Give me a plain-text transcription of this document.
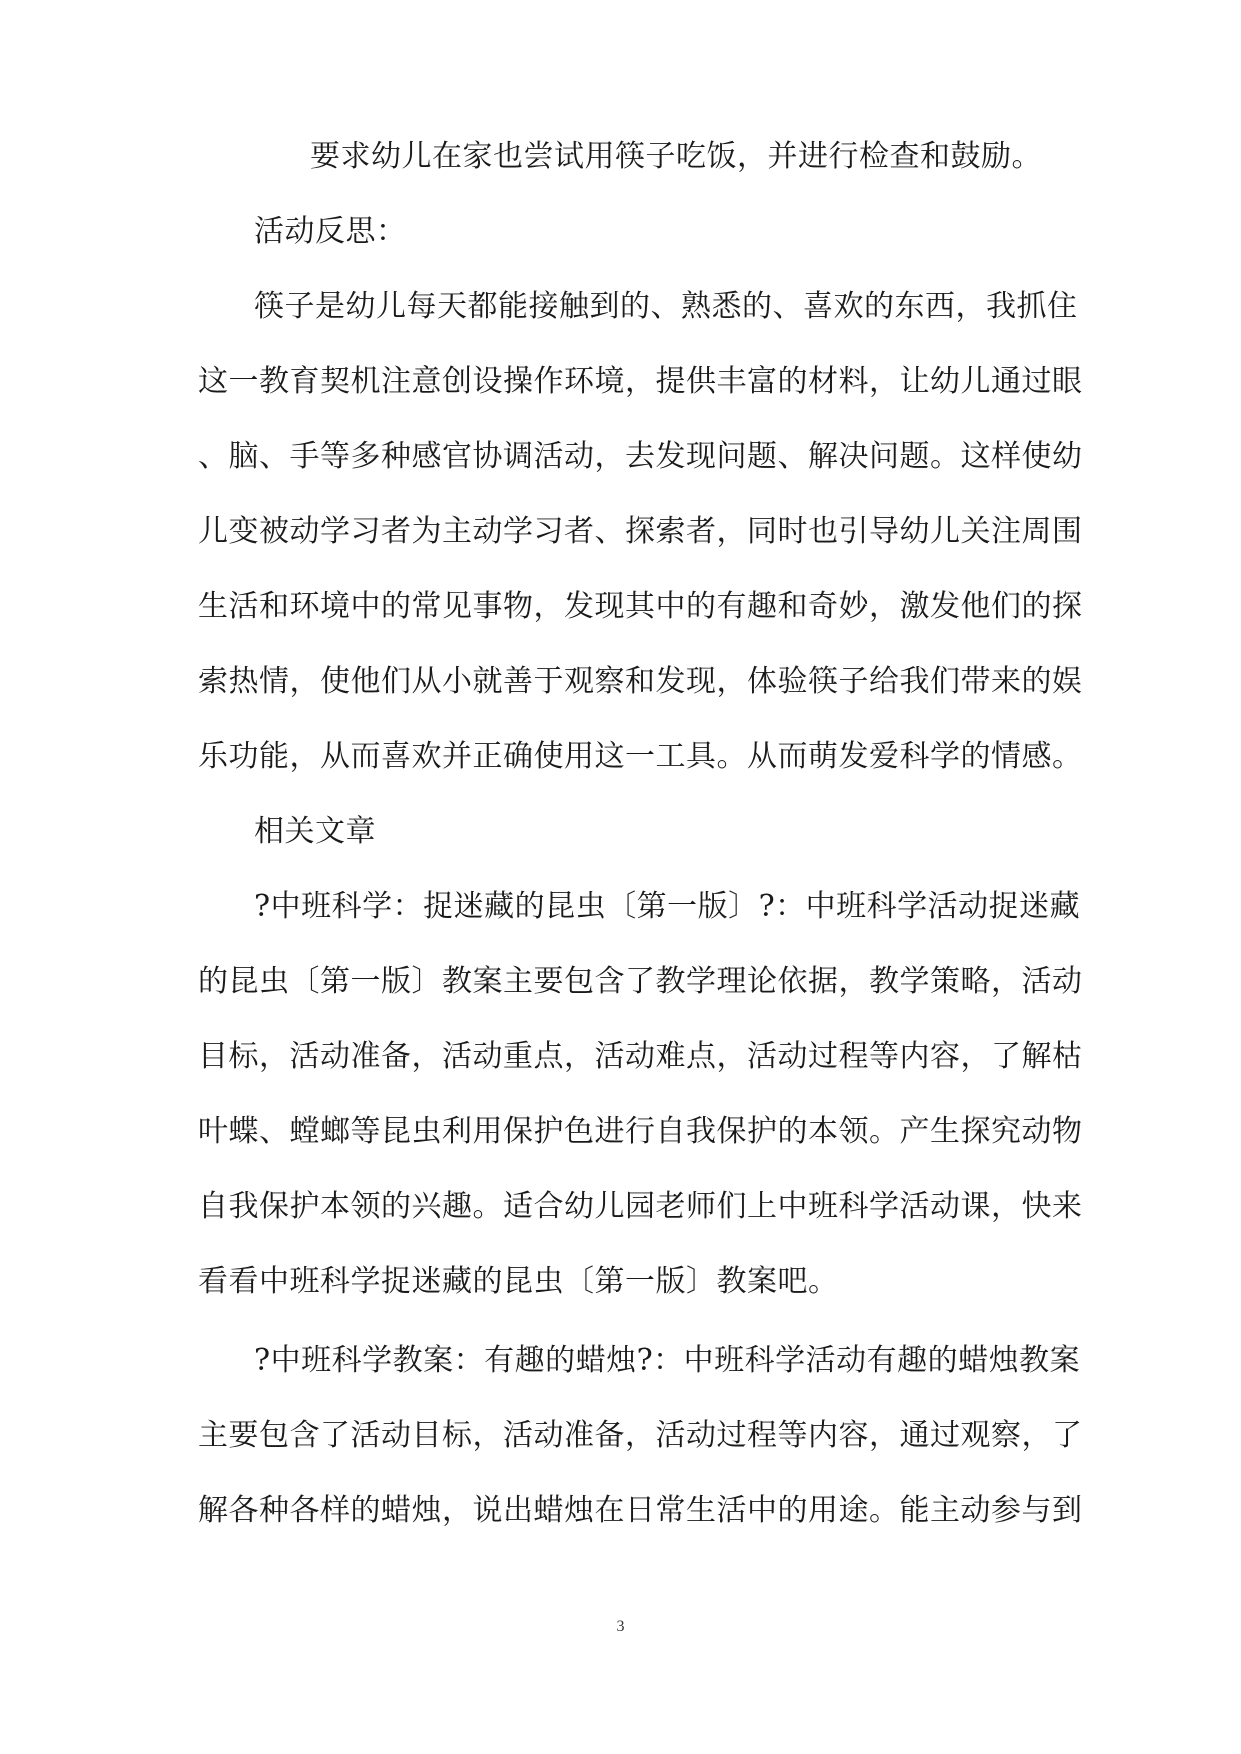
要求幼儿在家也尝试用筷子吃饭，并进行检查和鼓励。
活动反思：
筷子是幼儿每天都能接触到的、熟悉的、喜欢的东西，我抓住
这一教育契机注意创设操作环境，提供丰富的材料，让幼儿通过眼
、脑、手等多种感官协调活动，去发现问题、解决问题。这样使幼
儿变被动学习者为主动学习者、探索者，同时也引导幼儿关注周围
生活和环境中的常见事物，发现其中的有趣和奇妙，激发他们的探
索热情，使他们从小就善于观察和发现，体验筷子给我们带来的娱
乐功能，从而喜欢并正确使用这一工具。从而萌发爱科学的情感。
相关文章
?中班科学：捉迷藏的昆虫〔第一版〕?：中班科学活动捉迷藏
的昆虫〔第一版〕教案主要包含了教学理论依据，教学策略，活动
目标，活动准备，活动重点，活动难点，活动过程等内容，了解枯
叶蝶、螳螂等昆虫利用保护色进行自我保护的本领。产生探究动物
自我保护本领的兴趣。适合幼儿园老师们上中班科学活动课，快来
看看中班科学捉迷藏的昆虫〔第一版〕教案吧。
?中班科学教案：有趣的蜡烛?：中班科学活动有趣的蜡烛教案
主要包含了活动目标，活动准备，活动过程等内容，通过观察，了
解各种各样的蜡烛，说出蜡烛在日常生活中的用途。能主动参与到
3
